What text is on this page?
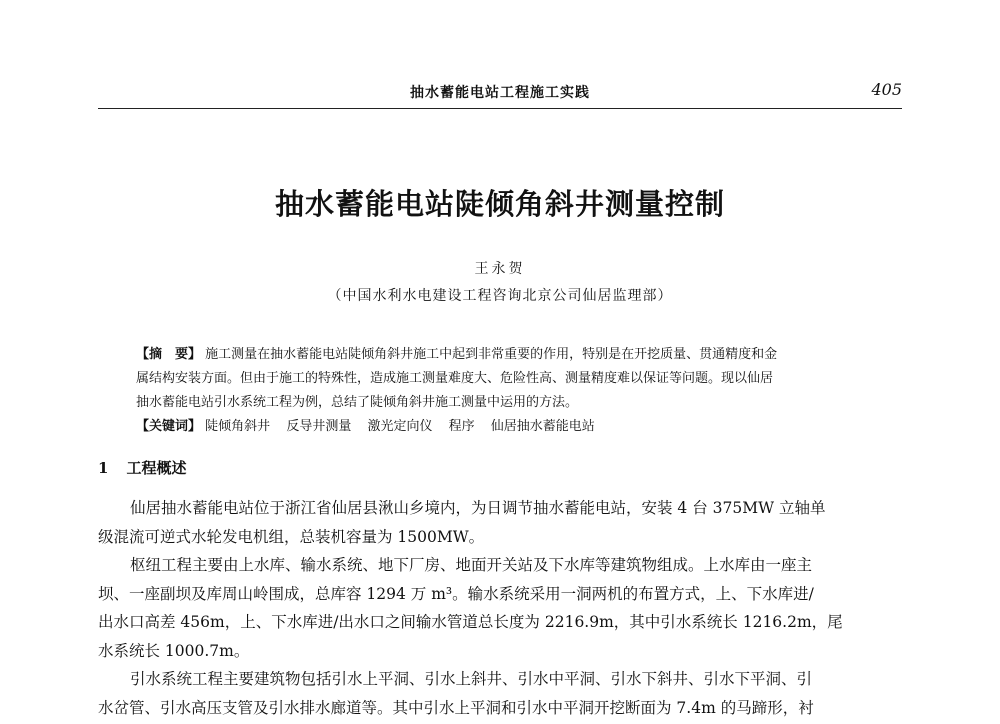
抽水蓄能电站工程施工实践	405
抽水蓄能电站陡倾角斜井测量控制
王永贺
（中国水利水电建设工程咨询北京公司仙居监理部）
【摘　要】 施工测量在抽水蓄能电站陡倾角斜井施工中起到非常重要的作用，特别是在开挖质量、贯通精度和金
属结构安装方面。但由于施工的特殊性，造成施工测量难度大、危险性高、测量精度难以保证等问题。现以仙居
抽水蓄能电站引水系统工程为例，总结了陡倾角斜井施工测量中运用的方法。
【关键词】 陡倾角斜井 反导井测量 激光定向仪 程序 仙居抽水蓄能电站
1 工程概述
仙居抽水蓄能电站位于浙江省仙居县湫山乡境内，为日调节抽水蓄能电站，安装 4 台 375MW 立轴单
级混流可逆式水轮发电机组，总装机容量为 1500MW。
枢纽工程主要由上水库、输水系统、地下厂房、地面开关站及下水库等建筑物组成。上水库由一座主
坝、一座副坝及库周山岭围成，总库容 1294 万 m³。输水系统采用一洞两机的布置方式，上、下水库进/
出水口高差 456m，上、下水库进/出水口之间输水管道总长度为 2216.9m，其中引水系统长 1216.2m，尾
水系统长 1000.7m。
引水系统工程主要建筑物包括引水上平洞、引水上斜井、引水中平洞、引水下斜井、引水下平洞、引
水岔管、引水高压支管及引水排水廊道等。其中引水上平洞和引水中平洞开挖断面为 7.4m 的马蹄形，衬
